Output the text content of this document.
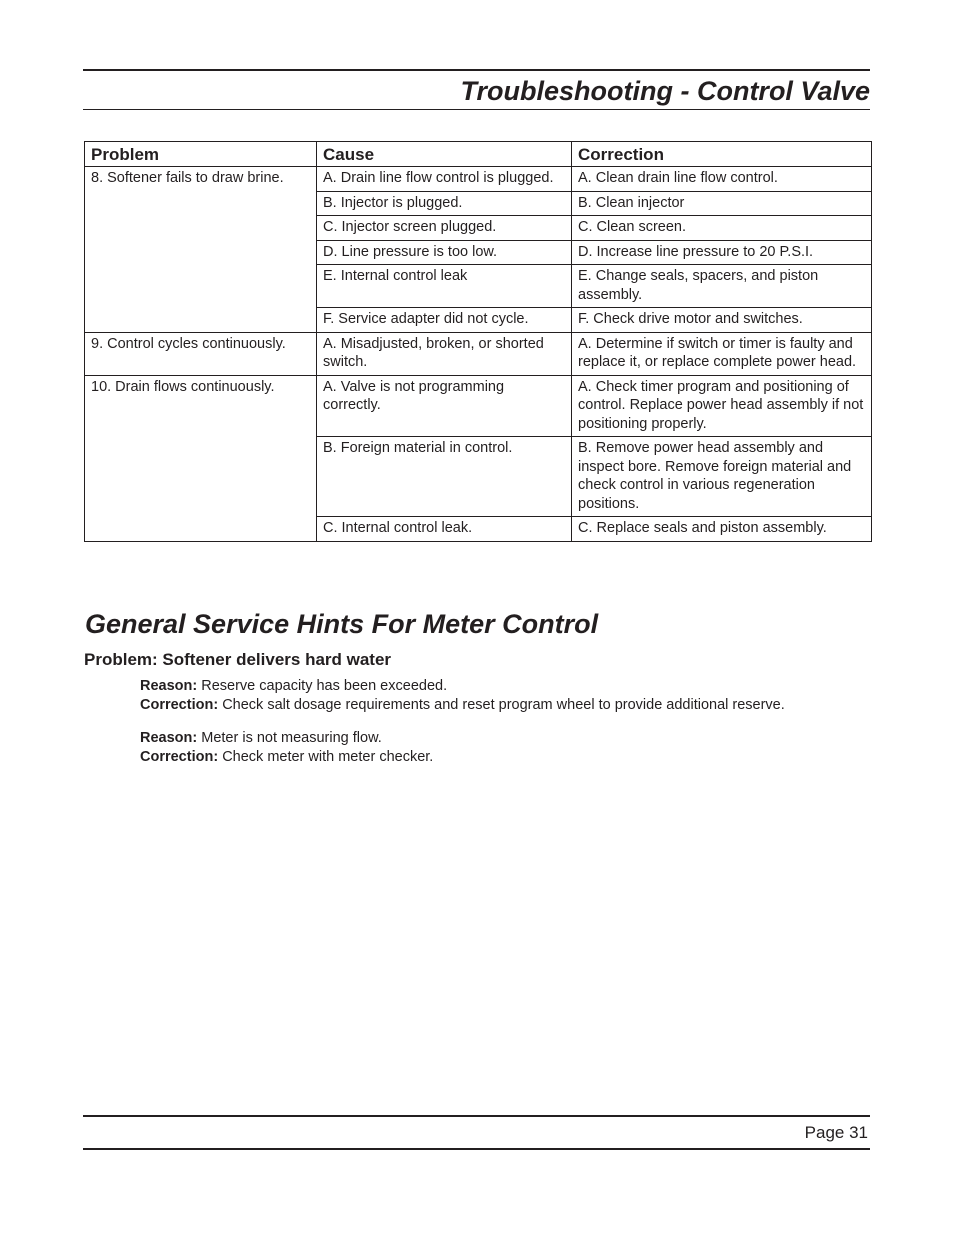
Troubleshooting - Control Valve
Problem	Cause	Correction
8. Softener fails to draw brine.	A. Drain line flow control is plugged.	A. Clean drain line flow control.
	B. Injector is plugged.	B. Clean injector
	C. Injector screen plugged.	C. Clean screen.
	D. Line pressure is too low.	D. Increase line pressure to 20 P.S.I.
	E. Internal control leak	E. Change seals, spacers, and piston assembly.
	F. Service adapter did not cycle.	F. Check drive motor and switches.
9. Control cycles continuously.	A. Misadjusted, broken, or shorted switch.	A. Determine if switch or timer is faulty and replace it, or replace complete power head.
10. Drain flows continuously.	A. Valve is not programming correctly.	A. Check timer program and positioning of control. Replace power head assembly if not positioning properly.
	B. Foreign material in control.	B. Remove power head assembly and inspect bore. Remove foreign material and check control in various regeneration positions.
	C. Internal control leak.	C. Replace seals and piston assembly.
General Service Hints For Meter Control
Problem: Softener delivers hard water

Reason: Reserve capacity has been exceeded.

Correction: Check salt dosage requirements and reset program wheel to provide additional reserve.

Reason: Meter is not measuring flow.

Correction: Check meter with meter checker.

Page 31
